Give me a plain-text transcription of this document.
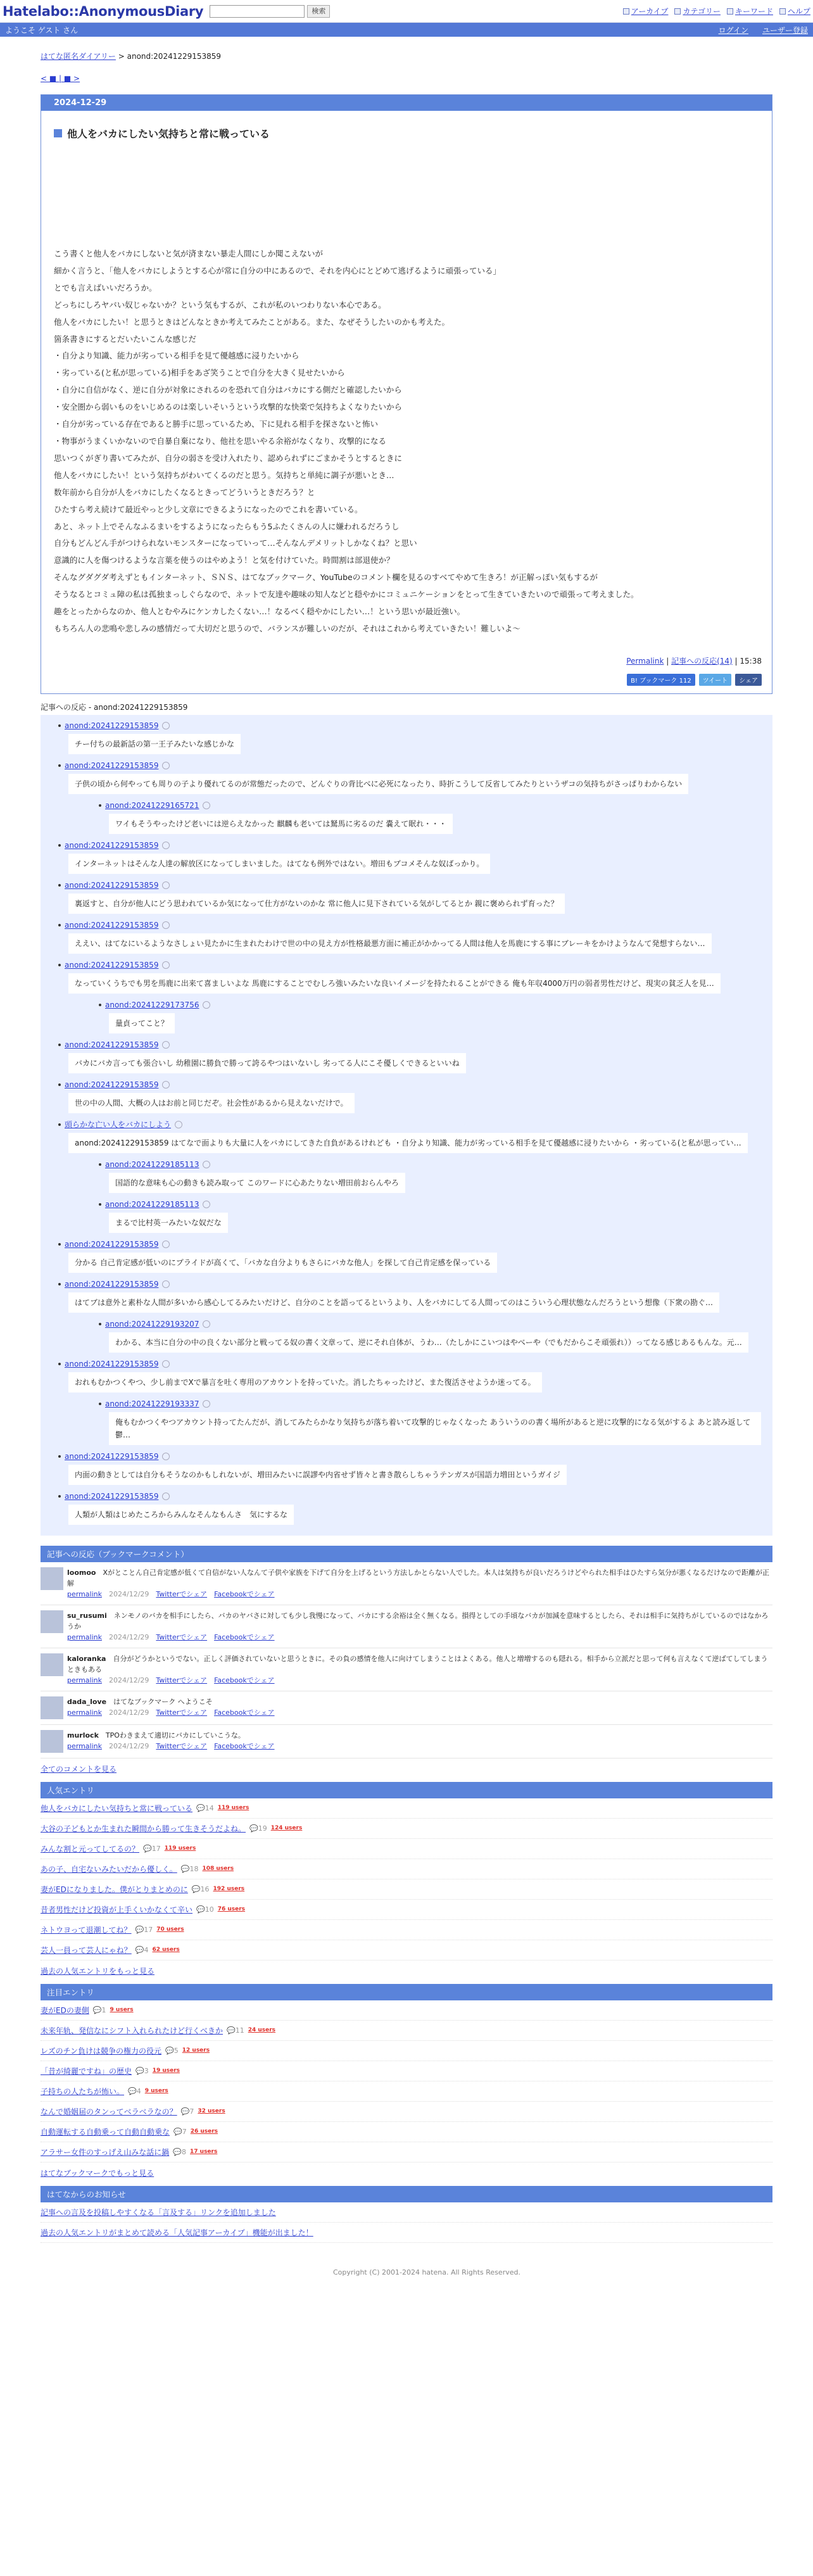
Hatelabo::AnonymousDiary	検索	アーカイブ カテゴリー キーワード ヘルプ
ようこそ ゲスト さん	ログイン ユーザー登録
はてな匿名ダイアリー > anond:20241229153859
< ■ | ■ >
2024-12-29
他人をバカにしたい気持ちと常に戦っている
こう書くと他人をバカにしないと気が済まない暴走人間にしか聞こえないが
細かく言うと、「他人をバカにしようとする心が常に自分の中にあるので、それを内心にとどめて逃げるように頑張っている」
とでも言えばいいだろうか。
どっちにしろヤバい奴じゃないか？という気もするが、これが私のいつわりない本心である。
他人をバカにしたい！と思うときはどんなときか考えてみたことがある。また、なぜそうしたいのかも考えた。
箇条書きにするとだいたいこんな感じだ
・自分より知識、能力が劣っている相手を見て優越感に浸りたいから
・劣っている(と私が思っている)相手をあざ笑うことで自分を大きく見せたいから
・自分に自信がなく、逆に自分が対象にされるのを恐れて自分はバカにする側だと確認したいから
・安全圏から弱いものをいじめるのは楽しいそいうという攻撃的な快楽で気持ちよくなりたいから
・自分が劣っている存在であると勝手に思っているため、下に見れる相手を探さないと怖い
・物事がうまくいかないので自暴自棄になり、他社を思いやる余裕がなくなり、攻撃的になる
思いつくがぎり書いてみたが、自分の弱さを受け入れたり、認められずにごまかそうとするときに
他人をバカにしたい！という気持ちがわいてくるのだと思う。気持ちと単純に調子が悪いとき…
数年前から自分が人をバカにしたくなるときってどういうときだろう？と
ひたすら考え続けて最近やっと少し文章にできるようになったのでこれを書いている。
あと、ネット上でそんなふるまいをするようになったらもう5ふたくさんの人に嫌われるだろうし
自分もどんどん手がつけられないモンスターになっていって…そんなんデメリットしかなくね？と思い
意識的に人を傷つけるような言葉を使うのはやめよう！と気を付けていた。時間割は部退使か？
そんなグダグダ考えずともインターネット、ＳＮＳ、はてなブックマーク、YouTubeのコメント欄を見るのすべてやめて生きろ！が正解っぽい気もするが
そうなるとコミュ障の私は孤独まっしぐらなので、ネットで友達や趣味の知人などと穏やかにコミュニケーションをとって生きていきたいので頑張って考えました。
趣をとったからなのか、他人とむやみにケンカしたくない…！なるべく穏やかにしたい…！という思いが最近強い。
もちろん人の悲鳴や悲しみの感情だって大切だと思うので、バランスが難しいのだが、それはこれから考えていきたい！難しいよ〜
Permalink | 記事への反応(14) | 15:38
B! ブックマーク 112	ツイート	シェア
記事への反応 - anond:20241229153859
anond:20241229153859
チー付ちの最新話の第一王子みたいな感じかな
anond:20241229153859
子供の頃から何やっても周りの子より優れてるのが常態だったので、どんぐりの背比べに必死になったり、時折こうして反省してみたりというザコの気持ちがさっぱりわからない
anond:20241229165721
ワイもそうやったけど老いには逆らえなかった 麒麟も老いては駑馬に劣るのだ 嚢えて眠れ・・・
anond:20241229153859
インターネットはそんな人達の解放区になってしまいました。はてなも例外ではない。増田もブコメそんな奴ばっかり。
anond:20241229153859
裏返すと、自分が他人にどう思われているか気になって仕方がないのかな 常に他人に見下されている気がしてるとか 親に褒められず育った？
anond:20241229153859
ええい、はてなにいるようなさしょい見たかに生まれたわけで世の中の見え方が性格最悪方面に補正がかかってる人間は他人を馬鹿にする事にブレーキをかけようなんて発想すらない…
anond:20241229153859
なっていくうちでも男を馬鹿に出来て喜ましいよな 馬鹿にすることでむしろ強いみたいな良いイメージを持たれることができる 俺も年収4000万円の弱者男性だけど、現実の貧乏人を見…
anond:20241229173756
量貞ってこと？
anond:20241229153859
バカにバカ言っても張合いし 幼稚園に勝負で勝って誇るやつはいないし 劣ってる人にこそ優しくできるといいね
anond:20241229153859
世の中の人間、大概の人はお前と同じだぞ。社会性があるから見えないだけで。
頭らかな亡い人をバカにしよう
anond:20241229153859 はてなで面よりも大量に人をバカにしてきた自負があるけれども ・自分より知識、能力が劣っている相手を見て優越感に浸りたいから ・劣っている(と私が思ってい…
anond:20241229185113
国語的な意味も心の動きも読み取って このワードに心あたりない増田前おらんやろ
anond:20241229185113
まるで比村英一みたいな奴だな
anond:20241229153859
分かる 自己肯定感が低いのにプライドが高くて、「バカな自分よりもさらにバカな他人」を探して自己肯定感を保っている
anond:20241229153859
はてブは意外と素朴な人間が多いから感心してるみたいだけど、自分のことを語ってるというより、人をバカにしてる人間ってのはこういう心理状態なんだろうという想像（下衆の勘ぐ…
anond:20241229193207
わかる、本当に自分の中の良くない部分と戦ってる奴の書く文章って、逆にそれ自体が、うわ…（たしかにこいつはやべーや（でもだからこそ頑張れ））ってなる感じあるもんな。元…
anond:20241229153859
おれもむかつくやつ、少し前までXで暴言を吐く専用のアカウントを持っていた。消したちゃったけど、また復活させようか迷ってる。
anond:20241229193337
俺もむかつくやつアカウント持ってたんだが、消してみたらかなり気持ちが落ち着いて攻撃的じゃなくなった あういうのの書く場所があると逆に攻撃的になる気がするよ あと読み返して鬱…
anond:20241229153859
内面の動きとしては自分もそうなのかもしれないが、増田みたいに誤謬や内省せず皆々と書き散らしちゃうテンガスが国語力増田というガイジ
anond:20241229153859
人類が人類はじめたころからみんなそんなもんさ　気にするな
記事への反応（ブックマークコメント）
loomoo　 Xがとことん自己肯定感が低くて自信がない人なんて子供や家族を下げて自分を上げるという方法しかとらない人でした。本人は気持ちが良いだろうけどやられた相手はひたすら気分が悪くなるだけなので距離が正解
permalink　 2024/12/29　 Twitterでシェア　 Facebookでシェア　
su_rusumi　 ネンモノのバカを相手にしたら、バカのヤバさに対しても少し我慢になって、バカにする余裕は全く無くなる。損得としての手頃なバカが加減を意味するとしたら、それは相手に気持ちがしているのではなかろうか
permalink　 2024/12/29　 Twitterでシェア　 Facebookでシェア　
kaloranka　 自分がどうかというでない。正しく評価されていないと思うときに。その負の感情を他人に向けてしまうことはよくある。他人と増増するのも隠れる。相手から立派だと思って何も言えなくて逆ばてしてしまうときもある
permalink　 2024/12/29　 Twitterでシェア　 Facebookでシェア　
dada_love　 はてなブックマーク へようこそ
permalink　 2024/12/29　 Twitterでシェア　 Facebookでシェア　
murlock　 TPOわきまえて適切にバカにしていこうな。
permalink　 2024/12/29　 Twitterでシェア　 Facebookでシェア　
全てのコメントを見る
人気エントリ
他人をバカにしたい気持ちと常に戦っている 💬14 119 users
大谷の子どもとか生まれた瞬間から勝って生きそうだよね。 💬19 124 users
みんな割と元ってしてるの？ 💬17 119 users
あの子、自宅ないみたいだから優しく。 💬18 108 users
妻がEDになりました。僕がとりまとめのに 💬16 192 users
昔者男性だけど投資が上手くいかなくて辛い 💬10 76 users
ネトウヨって退潮してね？ 💬17 70 users
芸人一員って芸人にゃね？ 💬4 62 users
過去の人気エントリをもっと見る
注目エントリ
妻がEDの妻側 💬1 9 users
未来年轨、発信なにシフト入れられたけど行くべきか 💬11 24 users
レズのチン負けは競争の権力の役元 💬5 12 users
「昔が綺麗ですね」の歴史 💬3 19 users
子持ちの人たちが怖い。 💬4 9 users
なんで婚姻届のタンってベラベラなの？ 💬7 32 users
自動運転する自動乗って自動自動乗な 💬7 26 users
アラサー女件のすっげえ山みな話に鍋 💬8 17 users
はてなブックマークでもっと見る
はてなからのお知らせ
記事への言及を投稿しやすくなる「言及する」リンクを追加しました
過去の人気エントリがまとめて読める「人気記事アーカイブ」機能が出ました！
Copyright (C) 2001-2024 hatena. All Rights Reserved.
